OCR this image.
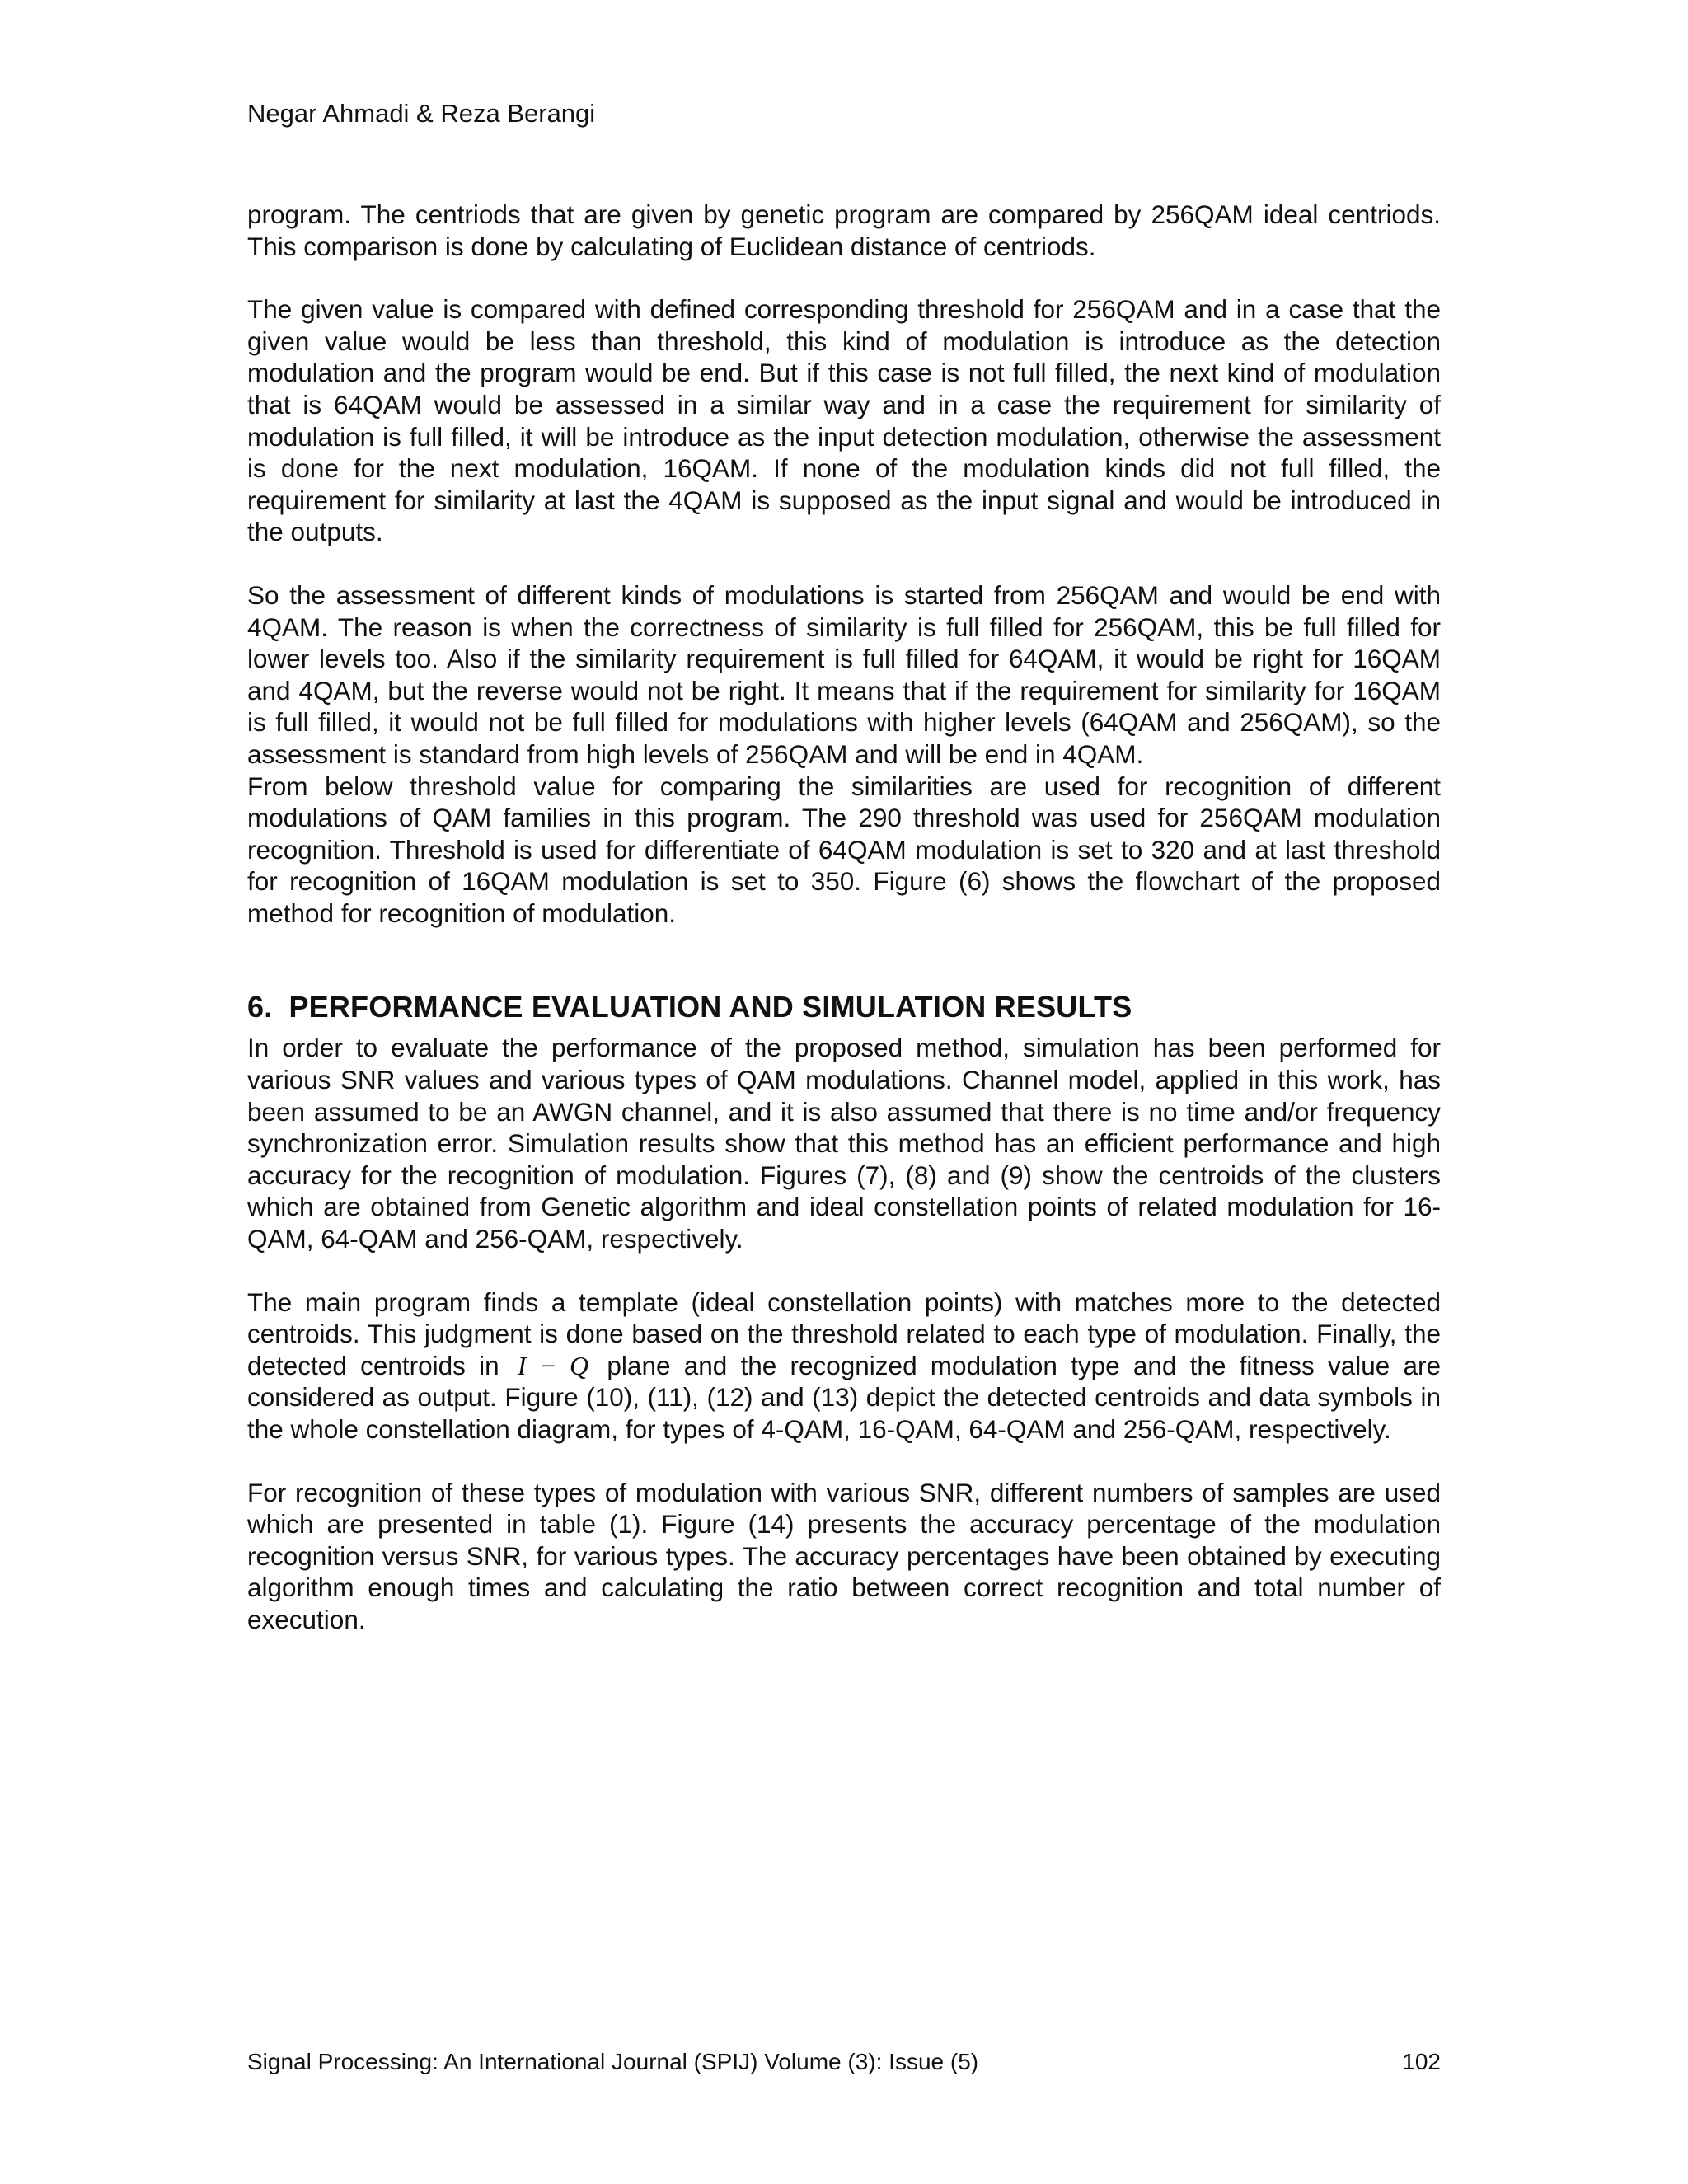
Negar Ahmadi & Reza Berangi

program. The centriods that are given by genetic program are compared by 256QAM ideal centriods. This comparison is done by calculating of Euclidean distance of centriods.

The given value is compared with defined corresponding threshold for 256QAM and in a case that the given value would be less than threshold, this kind of modulation is introduce as the detection modulation and the program would be end. But if this case is not full filled, the next kind of modulation that is 64QAM would be assessed in a similar way and in a case the requirement for similarity of modulation is full filled, it will be introduce as the input detection modulation, otherwise the assessment is done for the next modulation, 16QAM. If none of the modulation kinds did not full filled, the requirement for similarity at last the 4QAM is supposed as the input signal and would be introduced in the outputs.

So the assessment of different kinds of modulations is started from 256QAM and would be end with 4QAM. The reason is when the correctness of similarity is full filled for 256QAM, this be full filled for lower levels too. Also if the similarity requirement is full filled for 64QAM, it would be right for 16QAM and 4QAM, but the reverse would not be right. It means that if the requirement for similarity for 16QAM is full filled, it would not be full filled for modulations with higher levels (64QAM and 256QAM), so the assessment is standard from high levels of 256QAM and will be end in 4QAM.

From below threshold value for comparing the similarities are used for recognition of different modulations of QAM families in this program. The 290 threshold was used for 256QAM modulation recognition. Threshold is used for differentiate of 64QAM modulation is set to 320 and at last threshold for recognition of 16QAM modulation is set to 350. Figure (6) shows the flowchart of the proposed method for recognition of modulation.

6. PERFORMANCE EVALUATION AND SIMULATION RESULTS

In order to evaluate the performance of the proposed method, simulation has been performed for various SNR values and various types of QAM modulations. Channel model, applied in this work, has been assumed to be an AWGN channel, and it is also assumed that there is no time and/or frequency synchronization error. Simulation results show that this method has an efficient performance and high accuracy for the recognition of modulation. Figures (7), (8) and (9) show the centroids of the clusters which are obtained from Genetic algorithm and ideal constellation points of related modulation for 16-QAM, 64-QAM and 256-QAM, respectively.

The main program finds a template (ideal constellation points) with matches more to the detected centroids. This judgment is done based on the threshold related to each type of modulation. Finally, the detected centroids in I − Q plane and the recognized modulation type and the fitness value are considered as output. Figure (10), (11), (12) and (13) depict the detected centroids and data symbols in the whole constellation diagram, for types of 4-QAM, 16-QAM, 64-QAM and 256-QAM, respectively.

For recognition of these types of modulation with various SNR, different numbers of samples are used which are presented in table (1). Figure (14) presents the accuracy percentage of the modulation recognition versus SNR, for various types. The accuracy percentages have been obtained by executing algorithm enough times and calculating the ratio between correct recognition and total number of execution.

Signal Processing: An International Journal (SPIJ) Volume (3): Issue (5)	102
